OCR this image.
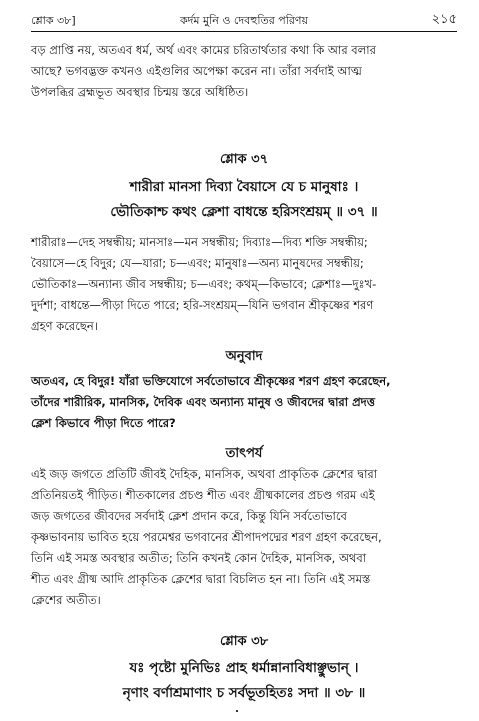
শ্লোক ৩৮]	কর্দম মুনি ও দেবহুতির পরিণয়	২১৫
বড় প্রাপ্তি নয়, অতএব ধর্ম, অর্থ এবং কামের চরিতার্থতার কথা কি আর বলার
আছে? ভগবদ্ভক্ত কখনও এইগুলির অপেক্ষা করেন না। তাঁরা সর্বদাই আত্ম
উপলব্ধির ব্রহ্মভূত অবস্থার চিন্ময় স্তরে অধিষ্ঠিত।
শ্লোক ৩৭
শারীরা মানসা দিব্যা বৈয়াসে যে চ মানুষাঃ ।
ভৌতিকাশ্চ কথং ক্লেশা বাধন্তে হরিসংশ্রয়ম্ ॥ ৩৭ ॥
শারীরাঃ—দেহ সম্বন্ধীয়; মানসাঃ—মন সম্বন্ধীয়; দিব্যাঃ—দিব্য শক্তি সম্বন্ধীয়;
বৈয়াসে—হে বিদুর; যে—যারা; চ—এবং; মানুষাঃ—অন্য মানুষদের সম্বন্ধীয়;
ভৌতিকাঃ—অন্যান্য জীব সম্বন্ধীয়; চ—এবং; কথম্—কিভাবে; ক্লেশাঃ—দুঃখ-
দুর্দশা; বাধন্তে—পীড়া দিতে পারে; হরি-সংশ্রয়ম্—যিনি ভগবান শ্রীকৃষ্ণের শরণ
গ্রহণ করেছেন।
অনুবাদ
অতএব, হে বিদুর! যাঁরা ভক্তিযোগে সর্বতোভাবে শ্রীকৃষ্ণের শরণ গ্রহণ করেছেন,
তাঁদের শারীরিক, মানসিক, দৈবিক এবং অন্যান্য মানুষ ও জীবদের দ্বারা প্রদত্ত
ক্লেশ কিভাবে পীড়া দিতে পারে?
তাৎপর্য
এই জড় জগতে প্রতিটি জীবই দৈহিক, মানসিক, অথবা প্রাকৃতিক ক্লেশের দ্বারা
প্রতিনিয়তই পীড়িত। শীতকালের প্রচণ্ড শীত এবং গ্রীষ্মকালের প্রচণ্ড গরম এই
জড় জগতের জীবদের সর্বদাই ক্লেশ প্রদান করে, কিন্তু যিনি সর্বতোভাবে
কৃষ্ণভাবনায় ভাবিত হয়ে পরমেশ্বর ভগবানের শ্রীপাদপদ্মের শরণ গ্রহণ করেছেন,
তিনি এই সমস্ত অবস্থার অতীত; তিনি কখনই কোন দৈহিক, মানসিক, অথবা
শীত এবং গ্রীষ্ম আদি প্রাকৃতিক ক্লেশের দ্বারা বিচলিত হন না। তিনি এই সমস্ত
ক্লেশের অতীত।
শ্লোক ৩৮
যঃ পৃষ্টো মুনিভিঃ প্রাহ ধর্মান্নানাবিধাঞ্ছুভান্ ।
নৃণাং বর্ণাশ্রমাণাং চ সর্বভূতহিতঃ সদা ॥ ৩৮ ॥
